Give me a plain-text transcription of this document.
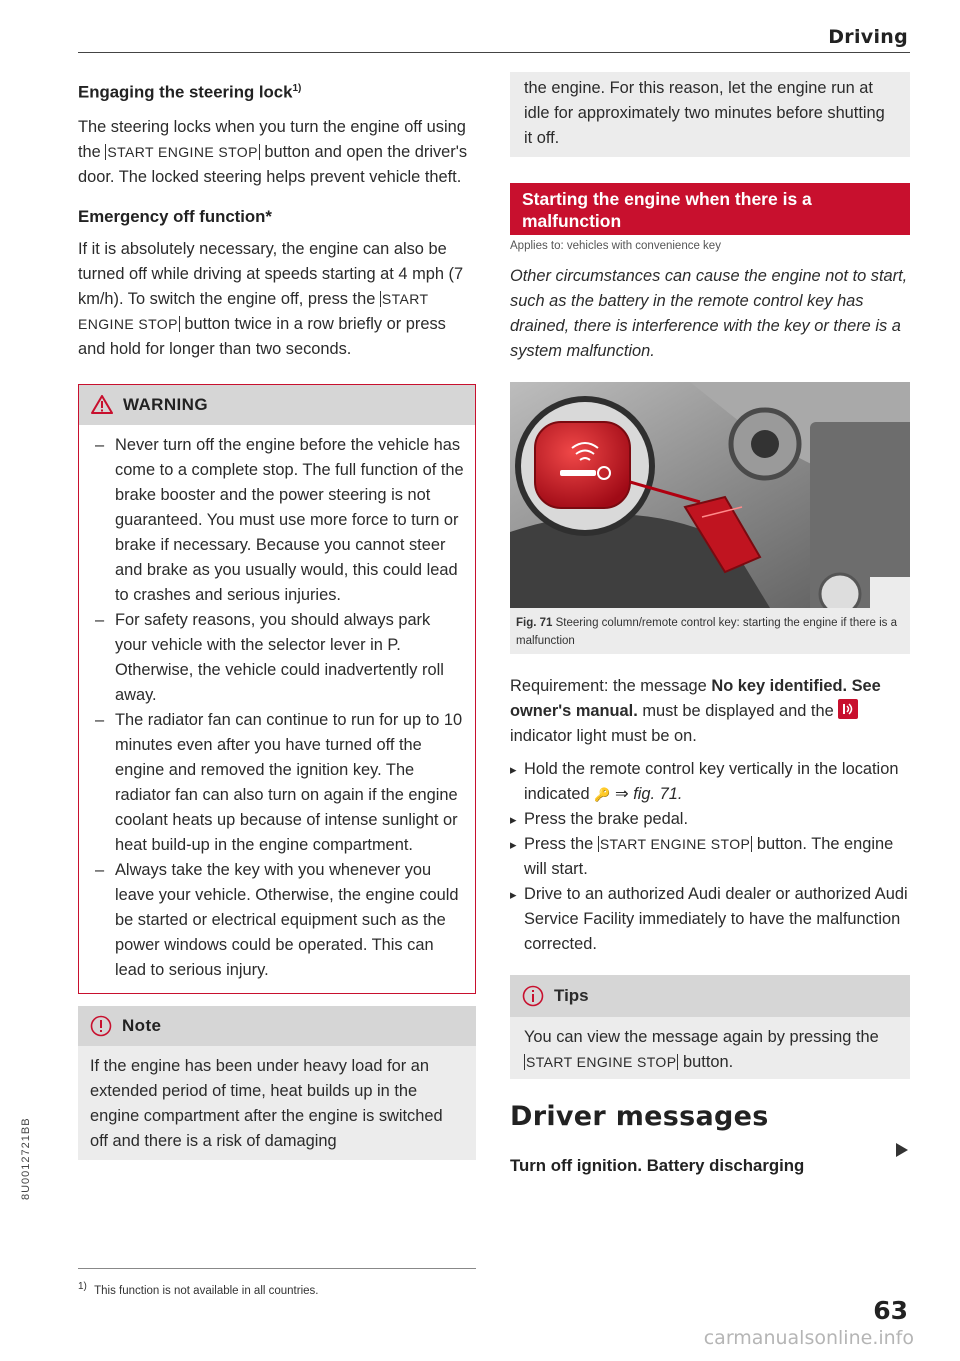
Driving
Engaging the steering lock$^{1)}$

The steering locks when you turn the engine off using the START ENGINE STOP button and open the driver's door. The locked steering helps prevent vehicle theft.

Emergency off function*

If it is absolutely necessary, the engine can also be turned off while driving at speeds starting at 4 mph (7 km/h). To switch the engine off, press the START ENGINE STOP button twice in a row briefly or press and hold for longer than two seconds.

WARNING
– Never turn off the engine before the vehicle has come to a complete stop. The full function of the brake booster and the power steering is not guaranteed. You must use more force to turn or brake if necessary. Because you cannot steer and brake as you usually would, this could lead to crashes and serious injuries.
– For safety reasons, you should always park your vehicle with the selector lever in P. Otherwise, the vehicle could inadvertently roll away.
– The radiator fan can continue to run for up to 10 minutes even after you have turned off the engine and removed the ignition key. The radiator fan can also turn on again if the engine coolant heats up because of intense sunlight or heat build-up in the engine compartment.
– Always take the key with you whenever you leave your vehicle. Otherwise, the engine could be started or electrical equipment such as the power windows could be operated. This can lead to serious injury.
Note

If the engine has been under heavy load for an extended period of time, heat builds up in the engine compartment after the engine is switched off and there is a risk of damaging

$^{1)}$ This function is not available in all countries.

the engine. For this reason, let the engine run at idle for approximately two minutes before shutting it off.

Starting the engine when there is a malfunction
Applies to: vehicles with convenience key

Other circumstances can cause the engine not to start, such as the battery in the remote control key has drained, there is interference with the key or there is a system malfunction.

Fig. 71 Steering column/remote control key: starting the engine if there is a malfunction

Requirement: the message No key identified. See owner's manual. must be displayed and the  indicator light must be on.

▸ Hold the remote control key vertically in the location indicated 🔑 ⇒ fig. 71.
▸ Press the brake pedal.
▸ Press the START ENGINE STOP button. The engine will start.
▸ Drive to an authorized Audi dealer or authorized Audi Service Facility immediately to have the malfunction corrected.
Tips

You can view the message again by pressing the START ENGINE STOP button.

Driver messages
Turn off ignition. Battery discharging
63
8U0012721BB
carmanualsonline.info
